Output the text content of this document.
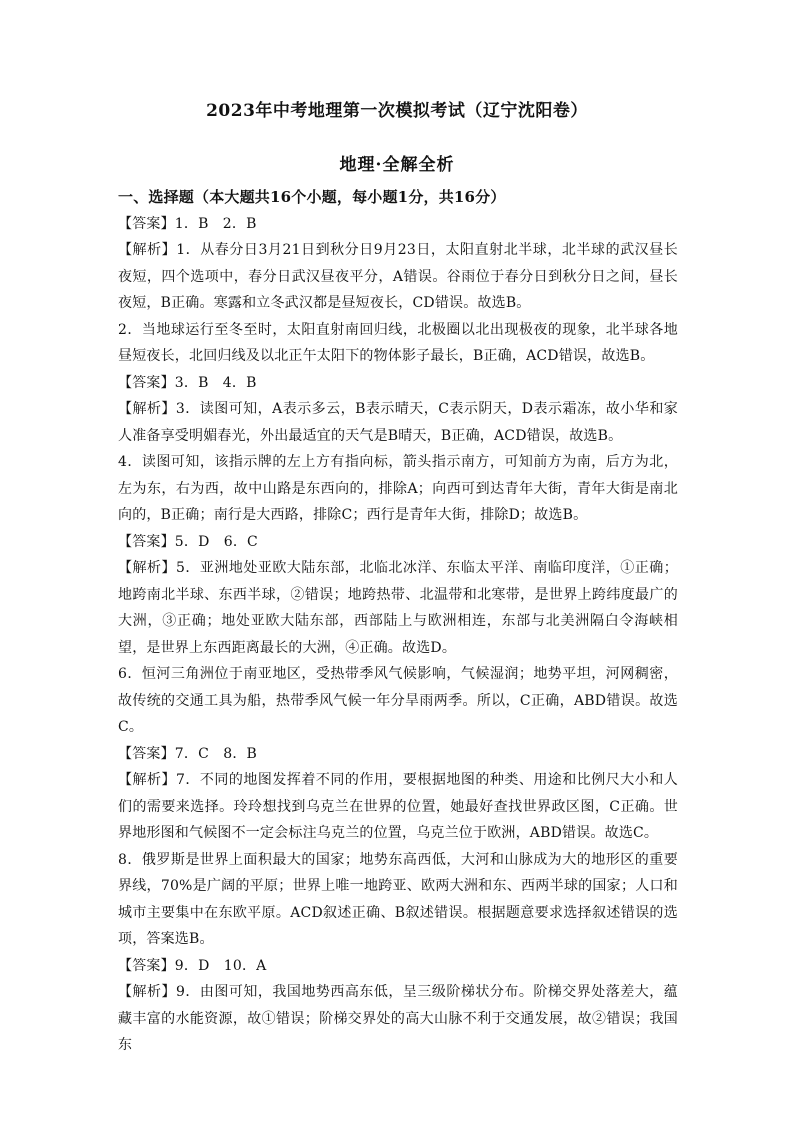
2023年中考地理第一次模拟考试（辽宁沈阳卷）
地理·全解全析

一、选择题（本大题共16个小题，每小题1分，共16分）

【答案】1．B　2．B

【解析】1．从春分日3月21日到秋分日9月23日，太阳直射北半球，北半球的武汉昼长夜短，四个选项中，春分日武汉昼夜平分，A错误。谷雨位于春分日到秋分日之间，昼长夜短，B正确。寒露和立冬武汉都是昼短夜长，CD错误。故选B。

2．当地球运行至冬至时，太阳直射南回归线，北极圈以北出现极夜的现象，北半球各地昼短夜长，北回归线及以北正午太阳下的物体影子最长，B正确，ACD错误，故选B。

【答案】3．B　4．B

【解析】3．读图可知，A表示多云，B表示晴天，C表示阴天，D表示霜冻，故小华和家人准备享受明媚春光，外出最适宜的天气是B晴天，B正确，ACD错误，故选B。

4．读图可知，该指示牌的左上方有指向标，箭头指示南方，可知前方为南，后方为北，左为东，右为西，故中山路是东西向的，排除A；向西可到达青年大街，青年大街是南北向的，B正确；南行是大西路，排除C；西行是青年大街，排除D；故选B。

【答案】5．D　6．C

【解析】5．亚洲地处亚欧大陆东部，北临北冰洋、东临太平洋、南临印度洋，①正确；地跨南北半球、东西半球，②错误；地跨热带、北温带和北寒带，是世界上跨纬度最广的大洲，③正确；地处亚欧大陆东部，西部陆上与欧洲相连，东部与北美洲隔白令海峡相望，是世界上东西距离最长的大洲，④正确。故选D。

6．恒河三角洲位于南亚地区，受热带季风气候影响，气候湿润；地势平坦，河网稠密，故传统的交通工具为船，热带季风气候一年分旱雨两季。所以，C正确，ABD错误。故选C。

【答案】7．C　8．B

【解析】7．不同的地图发挥着不同的作用，要根据地图的种类、用途和比例尺大小和人们的需要来选择。玲玲想找到乌克兰在世界的位置，她最好查找世界政区图，C正确。世界地形图和气候图不一定会标注乌克兰的位置，乌克兰位于欧洲，ABD错误。故选C。

8．俄罗斯是世界上面积最大的国家；地势东高西低，大河和山脉成为大的地形区的重要界线，70%是广阔的平原；世界上唯一地跨亚、欧两大洲和东、西两半球的国家；人口和城市主要集中在东欧平原。ACD叙述正确、B叙述错误。根据题意要求选择叙述错误的选项，答案选B。

【答案】9．D　10．A

【解析】9．由图可知，我国地势西高东低，呈三级阶梯状分布。阶梯交界处落差大，蕴藏丰富的水能资源，故①错误；阶梯交界处的高大山脉不利于交通发展，故②错误；我国东
